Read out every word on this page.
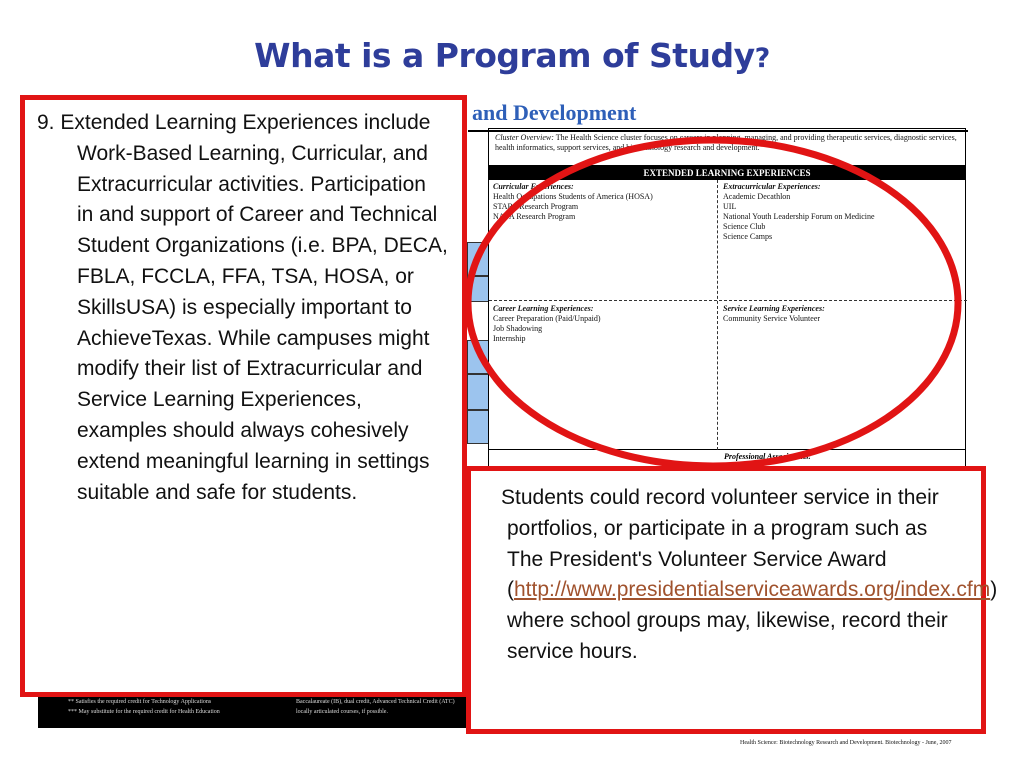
What is a Program of Study?
and Development
Cluster Overview: The Health Science cluster focuses on careers in planning, managing, and providing therapeutic services, diagnostic services, health informatics, support services, and biotechnology research and development.
EXTENDED LEARNING EXPERIENCES
Curricular Experiences:
Health Occupations Students of America (HOSA)
STARS Research Program
NASA Research Program
Extracurricular Experiences:
Academic Decathlon
UIL
National Youth Leadership Forum on Medicine
Science Club
Science Camps
Career Learning Experiences:
Career Preparation (Paid/Unpaid)
Job Shadowing
Internship
Service Learning Experiences:
Community Service Volunteer
Professional Associations:
** Satisfies the required credit for Technology Applications
*** May substitute for the required credit for Health Education
Baccalaureate (IB), dual credit, Advanced Technical Credit (ATC)
locally articulated courses, if possible.
Health Science: Biotechnology Research and Development. Biotechnology - June, 2007

9. Extended Learning Experiences include Work-Based Learning, Curricular, and Extracurricular activities. Participation in and support of Career and Technical Student Organizations (i.e. BPA, DECA, FBLA, FCCLA, FFA, TSA, HOSA, or SkillsUSA) is especially important to AchieveTexas. While campuses might modify their list of Extracurricular and Service Learning Experiences, examples should always cohesively extend meaningful learning in settings suitable and safe for students.	Students could record volunteer service in their portfolios, or participate in a program such as The President's Volunteer Service Award (http://www.presidentialserviceawards.org/index.cfm) where school groups may, likewise, record their service hours.
